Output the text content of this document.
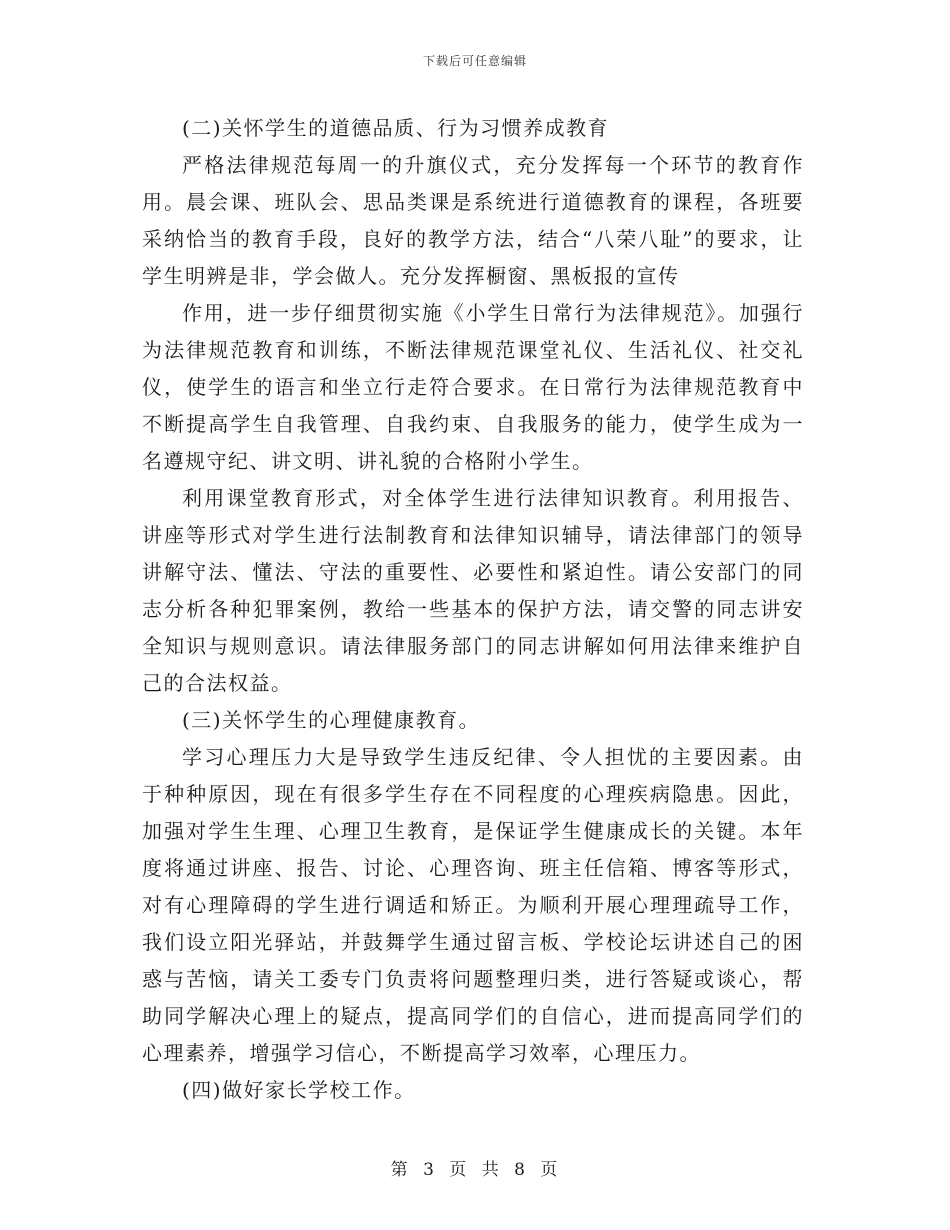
下载后可任意编辑

(二)关怀学生的道德品质、行为习惯养成教育

严格法律规范每周一的升旗仪式，充分发挥每一个环节的教育作用。晨会课、班队会、思品类课是系统进行道德教育的课程，各班要采纳恰当的教育手段，良好的教学方法，结合“八荣八耻”的要求，让学生明辨是非，学会做人。充分发挥橱窗、黑板报的宣传

作用，进一步仔细贯彻实施《小学生日常行为法律规范》。加强行为法律规范教育和训练，不断法律规范课堂礼仪、生活礼仪、社交礼仪，使学生的语言和坐立行走符合要求。在日常行为法律规范教育中不断提高学生自我管理、自我约束、自我服务的能力，使学生成为一名遵规守纪、讲文明、讲礼貌的合格附小学生。

利用课堂教育形式，对全体学生进行法律知识教育。利用报告、讲座等形式对学生进行法制教育和法律知识辅导，请法律部门的领导讲解守法、懂法、守法的重要性、必要性和紧迫性。请公安部门的同志分析各种犯罪案例，教给一些基本的保护方法，请交警的同志讲安全知识与规则意识。请法律服务部门的同志讲解如何用法律来维护自己的合法权益。

(三)关怀学生的心理健康教育。

学习心理压力大是导致学生违反纪律、令人担忧的主要因素。由于种种原因，现在有很多学生存在不同程度的心理疾病隐患。因此，加强对学生生理、心理卫生教育，是保证学生健康成长的关键。本年度将通过讲座、报告、讨论、心理咨询、班主任信箱、博客等形式，对有心理障碍的学生进行调适和矫正。为顺利开展心理理疏导工作，我们设立阳光驿站，并鼓舞学生通过留言板、学校论坛讲述自己的困惑与苦恼，请关工委专门负责将问题整理归类，进行答疑或谈心，帮助同学解决心理上的疑点，提高同学们的自信心，进而提高同学们的心理素养，增强学习信心，不断提高学习效率，心理压力。

(四)做好家长学校工作。

第 3 页 共 8 页
